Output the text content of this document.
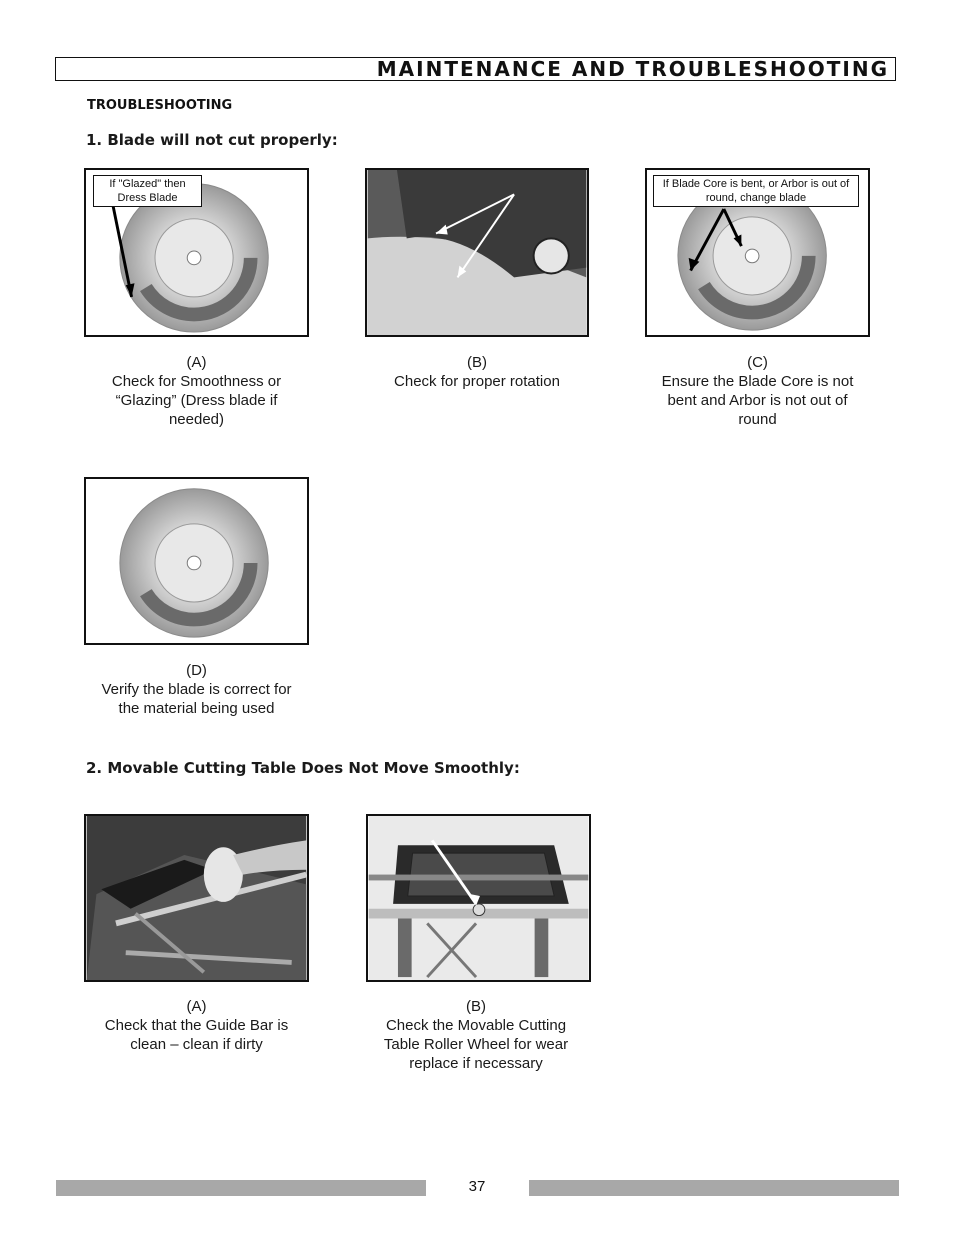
MAINTENANCE AND TROUBLESHOOTING
TROUBLESHOOTING
1. Blade will not cut properly:
If "Glazed" then Dress Blade
If Blade Core is bent, or Arbor is out of round, change blade
(A)
Check for Smoothness or “Glazing” (Dress blade if needed)
(B)
Check for proper rotation
(C)
Ensure the Blade Core is not bent and Arbor is not out of round
(D)
Verify the blade is correct for the material being used
2. Movable Cutting Table Does Not Move Smoothly:
(A)
Check that the Guide Bar is clean – clean if dirty
(B)
Check the Movable Cutting Table Roller Wheel for wear replace if necessary
37
